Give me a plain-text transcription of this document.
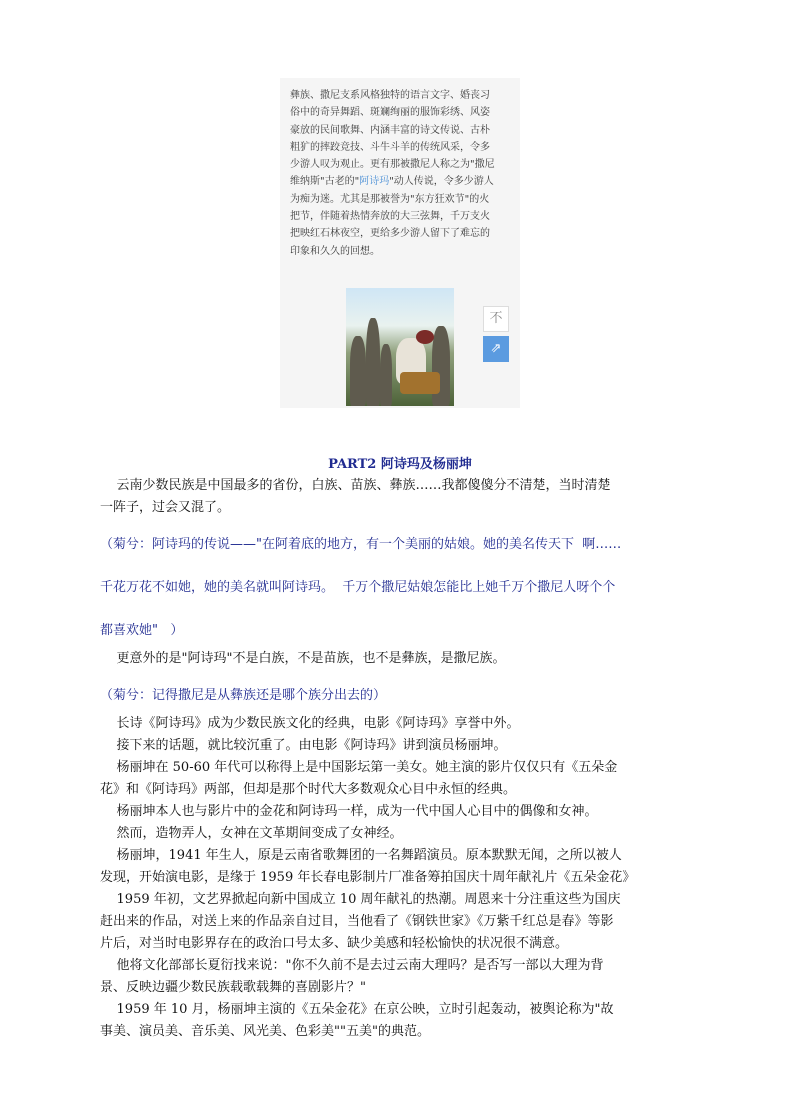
彝族、撒尼支系风格独特的语言文字、婚丧习
俗中的奇异舞蹈、斑斓绚丽的服饰彩绣、风姿
豪放的民间歌舞、内涵丰富的诗文传说、古朴
粗犷的摔跤竞技、斗牛斗羊的传统风采，令多
少游人叹为观止。更有那被撒尼人称之为"撒尼
维纳斯"古老的"阿诗玛"动人传说，令多少游人
为痴为迷。尤其是那被誉为"东方狂欢节"的火
把节，伴随着热情奔放的大三弦舞，千万支火
把映红石林夜空，更给多少游人留下了难忘的
印象和久久的回想。
不
⇗
PART2 阿诗玛及杨丽坤
云南少数民族是中国最多的省份，白族、苗族、彝族……我都傻傻分不清楚，当时清楚
一阵子，过会又混了。
（菊兮：阿诗玛的传说——"在阿着底的地方，有一个美丽的姑娘。她的美名传天下  啊……
千花万花不如她，她的美名就叫阿诗玛。  千万个撒尼姑娘怎能比上她千万个撒尼人呀个个
都喜欢她"   ）
更意外的是"阿诗玛"不是白族，不是苗族，也不是彝族，是撒尼族。
（菊兮：记得撒尼是从彝族还是哪个族分出去的）
长诗《阿诗玛》成为少数民族文化的经典，电影《阿诗玛》享誉中外。
接下来的话题，就比较沉重了。由电影《阿诗玛》讲到演员杨丽坤。
杨丽坤在 50-60 年代可以称得上是中国影坛第一美女。她主演的影片仅仅只有《五朵金
花》和《阿诗玛》两部，但却是那个时代大多数观众心目中永恒的经典。
杨丽坤本人也与影片中的金花和阿诗玛一样，成为一代中国人心目中的偶像和女神。
然而，造物弄人，女神在文革期间变成了女神经。
杨丽坤，1941 年生人，原是云南省歌舞团的一名舞蹈演员。原本默默无闻，之所以被人
发现，开始演电影，是缘于 1959 年长春电影制片厂准备筹拍国庆十周年献礼片《五朵金花》
1959 年初，文艺界掀起向新中国成立 10 周年献礼的热潮。周恩来十分注重这些为国庆
赶出来的作品，对送上来的作品亲自过目，当他看了《钢铁世家》《万紫千红总是春》等影
片后，对当时电影界存在的政治口号太多、缺少美感和轻松愉快的状况很不满意。
他将文化部部长夏衍找来说："你不久前不是去过云南大理吗？是否写一部以大理为背
景、反映边疆少数民族载歌载舞的喜剧影片？"
1959 年 10 月，杨丽坤主演的《五朵金花》在京公映，立时引起轰动，被舆论称为"故
事美、演员美、音乐美、风光美、色彩美""五美"的典范。
